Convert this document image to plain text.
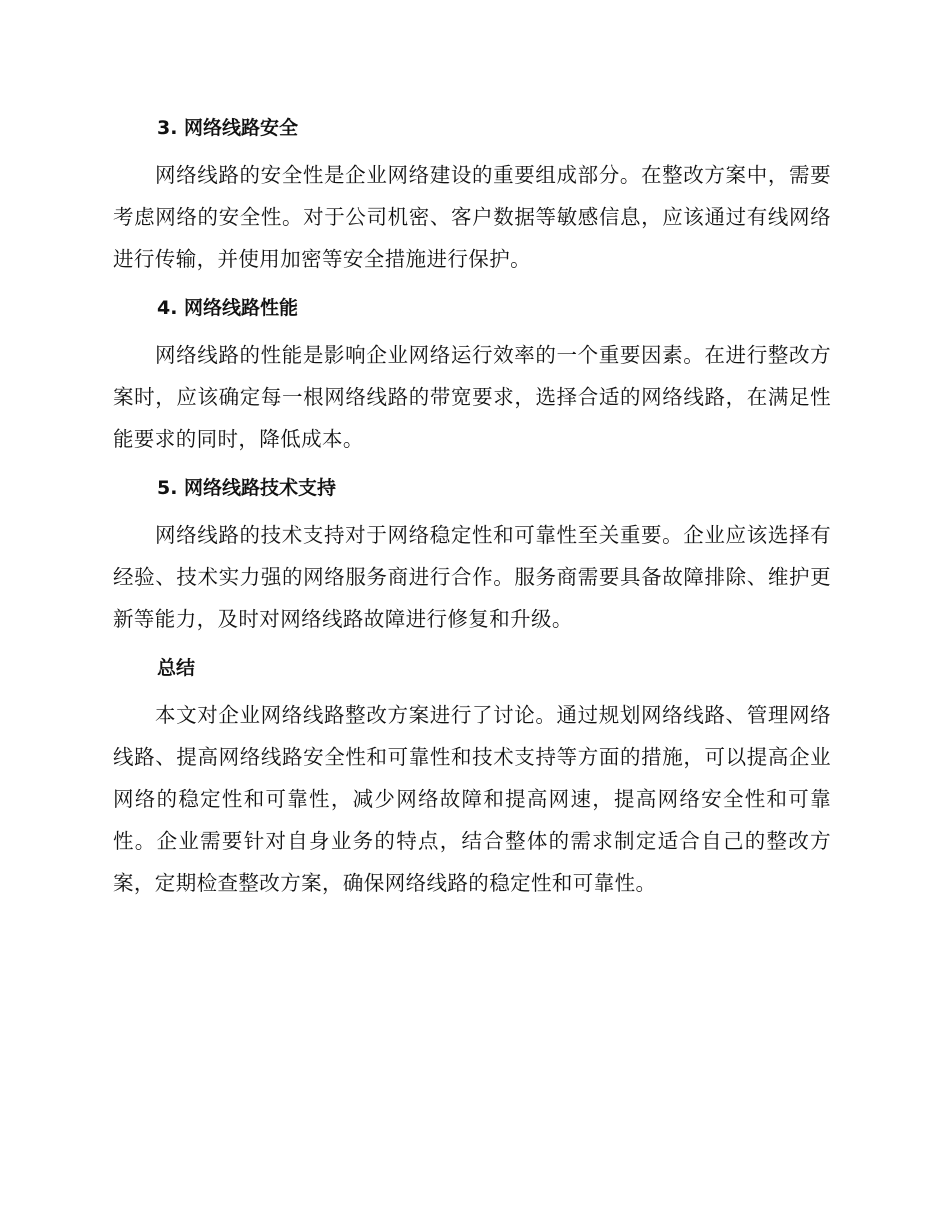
3. 网络线路安全

网络线路的安全性是企业网络建设的重要组成部分。在整改方案中，需要考虑网络的安全性。对于公司机密、客户数据等敏感信息，应该通过有线网络进行传输，并使用加密等安全措施进行保护。

4. 网络线路性能

网络线路的性能是影响企业网络运行效率的一个重要因素。在进行整改方案时，应该确定每一根网络线路的带宽要求，选择合适的网络线路，在满足性能要求的同时，降低成本。

5. 网络线路技术支持

网络线路的技术支持对于网络稳定性和可靠性至关重要。企业应该选择有经验、技术实力强的网络服务商进行合作。服务商需要具备故障排除、维护更新等能力，及时对网络线路故障进行修复和升级。

总结

本文对企业网络线路整改方案进行了讨论。通过规划网络线路、管理网络线路、提高网络线路安全性和可靠性和技术支持等方面的措施，可以提高企业网络的稳定性和可靠性，减少网络故障和提高网速，提高网络安全性和可靠性。企业需要针对自身业务的特点，结合整体的需求制定适合自己的整改方案，定期检查整改方案，确保网络线路的稳定性和可靠性。
